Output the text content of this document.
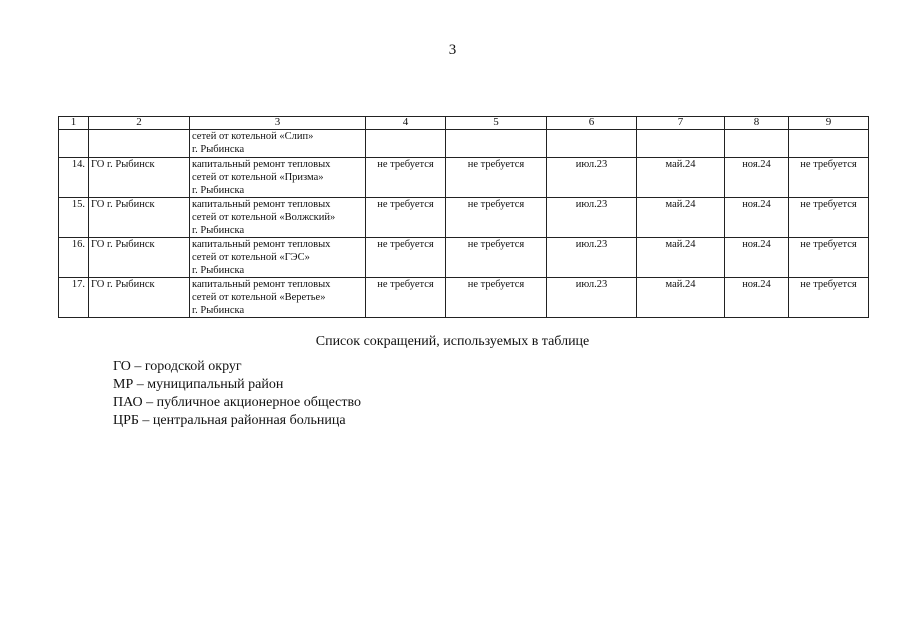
3
1	2	3	4	5	6	7	8	9

		сетей от котельной «Слип»
г. Рыбинска						

14.	ГО г. Рыбинск	капитальный ремонт тепловых
сетей от котельной «Призма»
г. Рыбинска	не требуется	не требуется	июл.23	май.24	ноя.24	не требуется
15.	ГО г. Рыбинск	капитальный ремонт тепловых
сетей от котельной «Волжский»
г. Рыбинска	не требуется	не требуется	июл.23	май.24	ноя.24	не требуется
16.	ГО г. Рыбинск	капитальный ремонт тепловых
сетей от котельной «ГЭС»
г. Рыбинска	не требуется	не требуется	июл.23	май.24	ноя.24	не требуется
17.	ГО г. Рыбинск	капитальный ремонт тепловых
сетей от котельной «Веретье»
г. Рыбинска	не требуется	не требуется	июл.23	май.24	ноя.24	не требуется
Список сокращений, используемых в таблице
ГО – городской округ
МР – муниципальный район
ПАО – публичное акционерное общество
ЦРБ – центральная районная больница
